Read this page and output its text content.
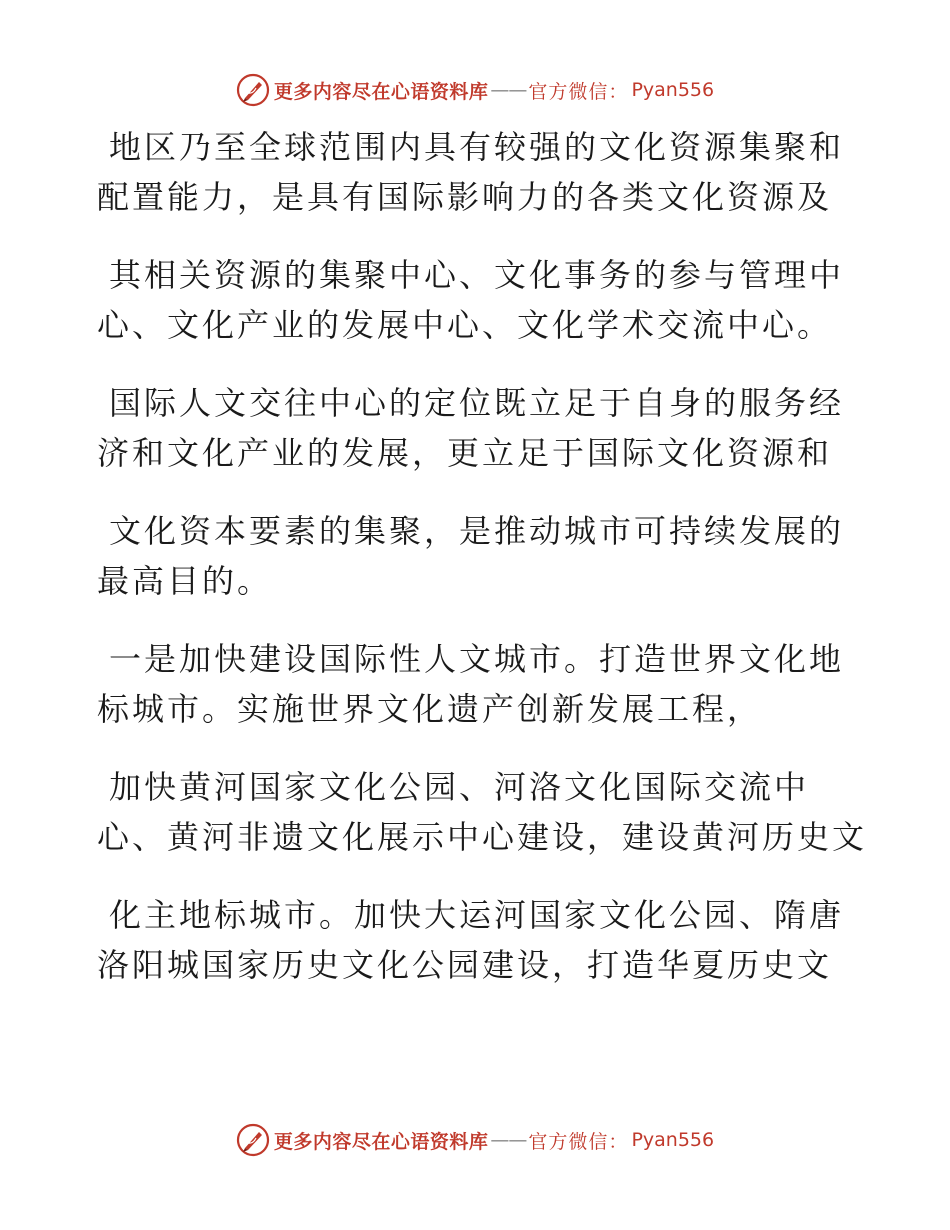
更多内容尽在心语资料库 —— 官方微信 ： Pyan556
地区乃至全球范围内具有较强的文化资源集聚和
配置能力，是具有国际影响力的各类文化资源及
其相关资源的集聚中心、文化事务的参与管理中
心、文化产业的发展中心、文化学术交流中心。
国际人文交往中心的定位既立足于自身的服务经
济和文化产业的发展，更立足于国际文化资源和
文化资本要素的集聚，是推动城市可持续发展的
最高目的。
一是加快建设国际性人文城市。打造世界文化地
标城市。实施世界文化遗产创新发展工程，
加快黄河国家文化公园、河洛文化国际交流中
心、黄河非遗文化展示中心建设，建设黄河历史文
化主地标城市。加快大运河国家文化公园、隋唐
洛阳城国家历史文化公园建设，打造华夏历史文
更多内容尽在心语资料库 —— 官方微信 ： Pyan556
